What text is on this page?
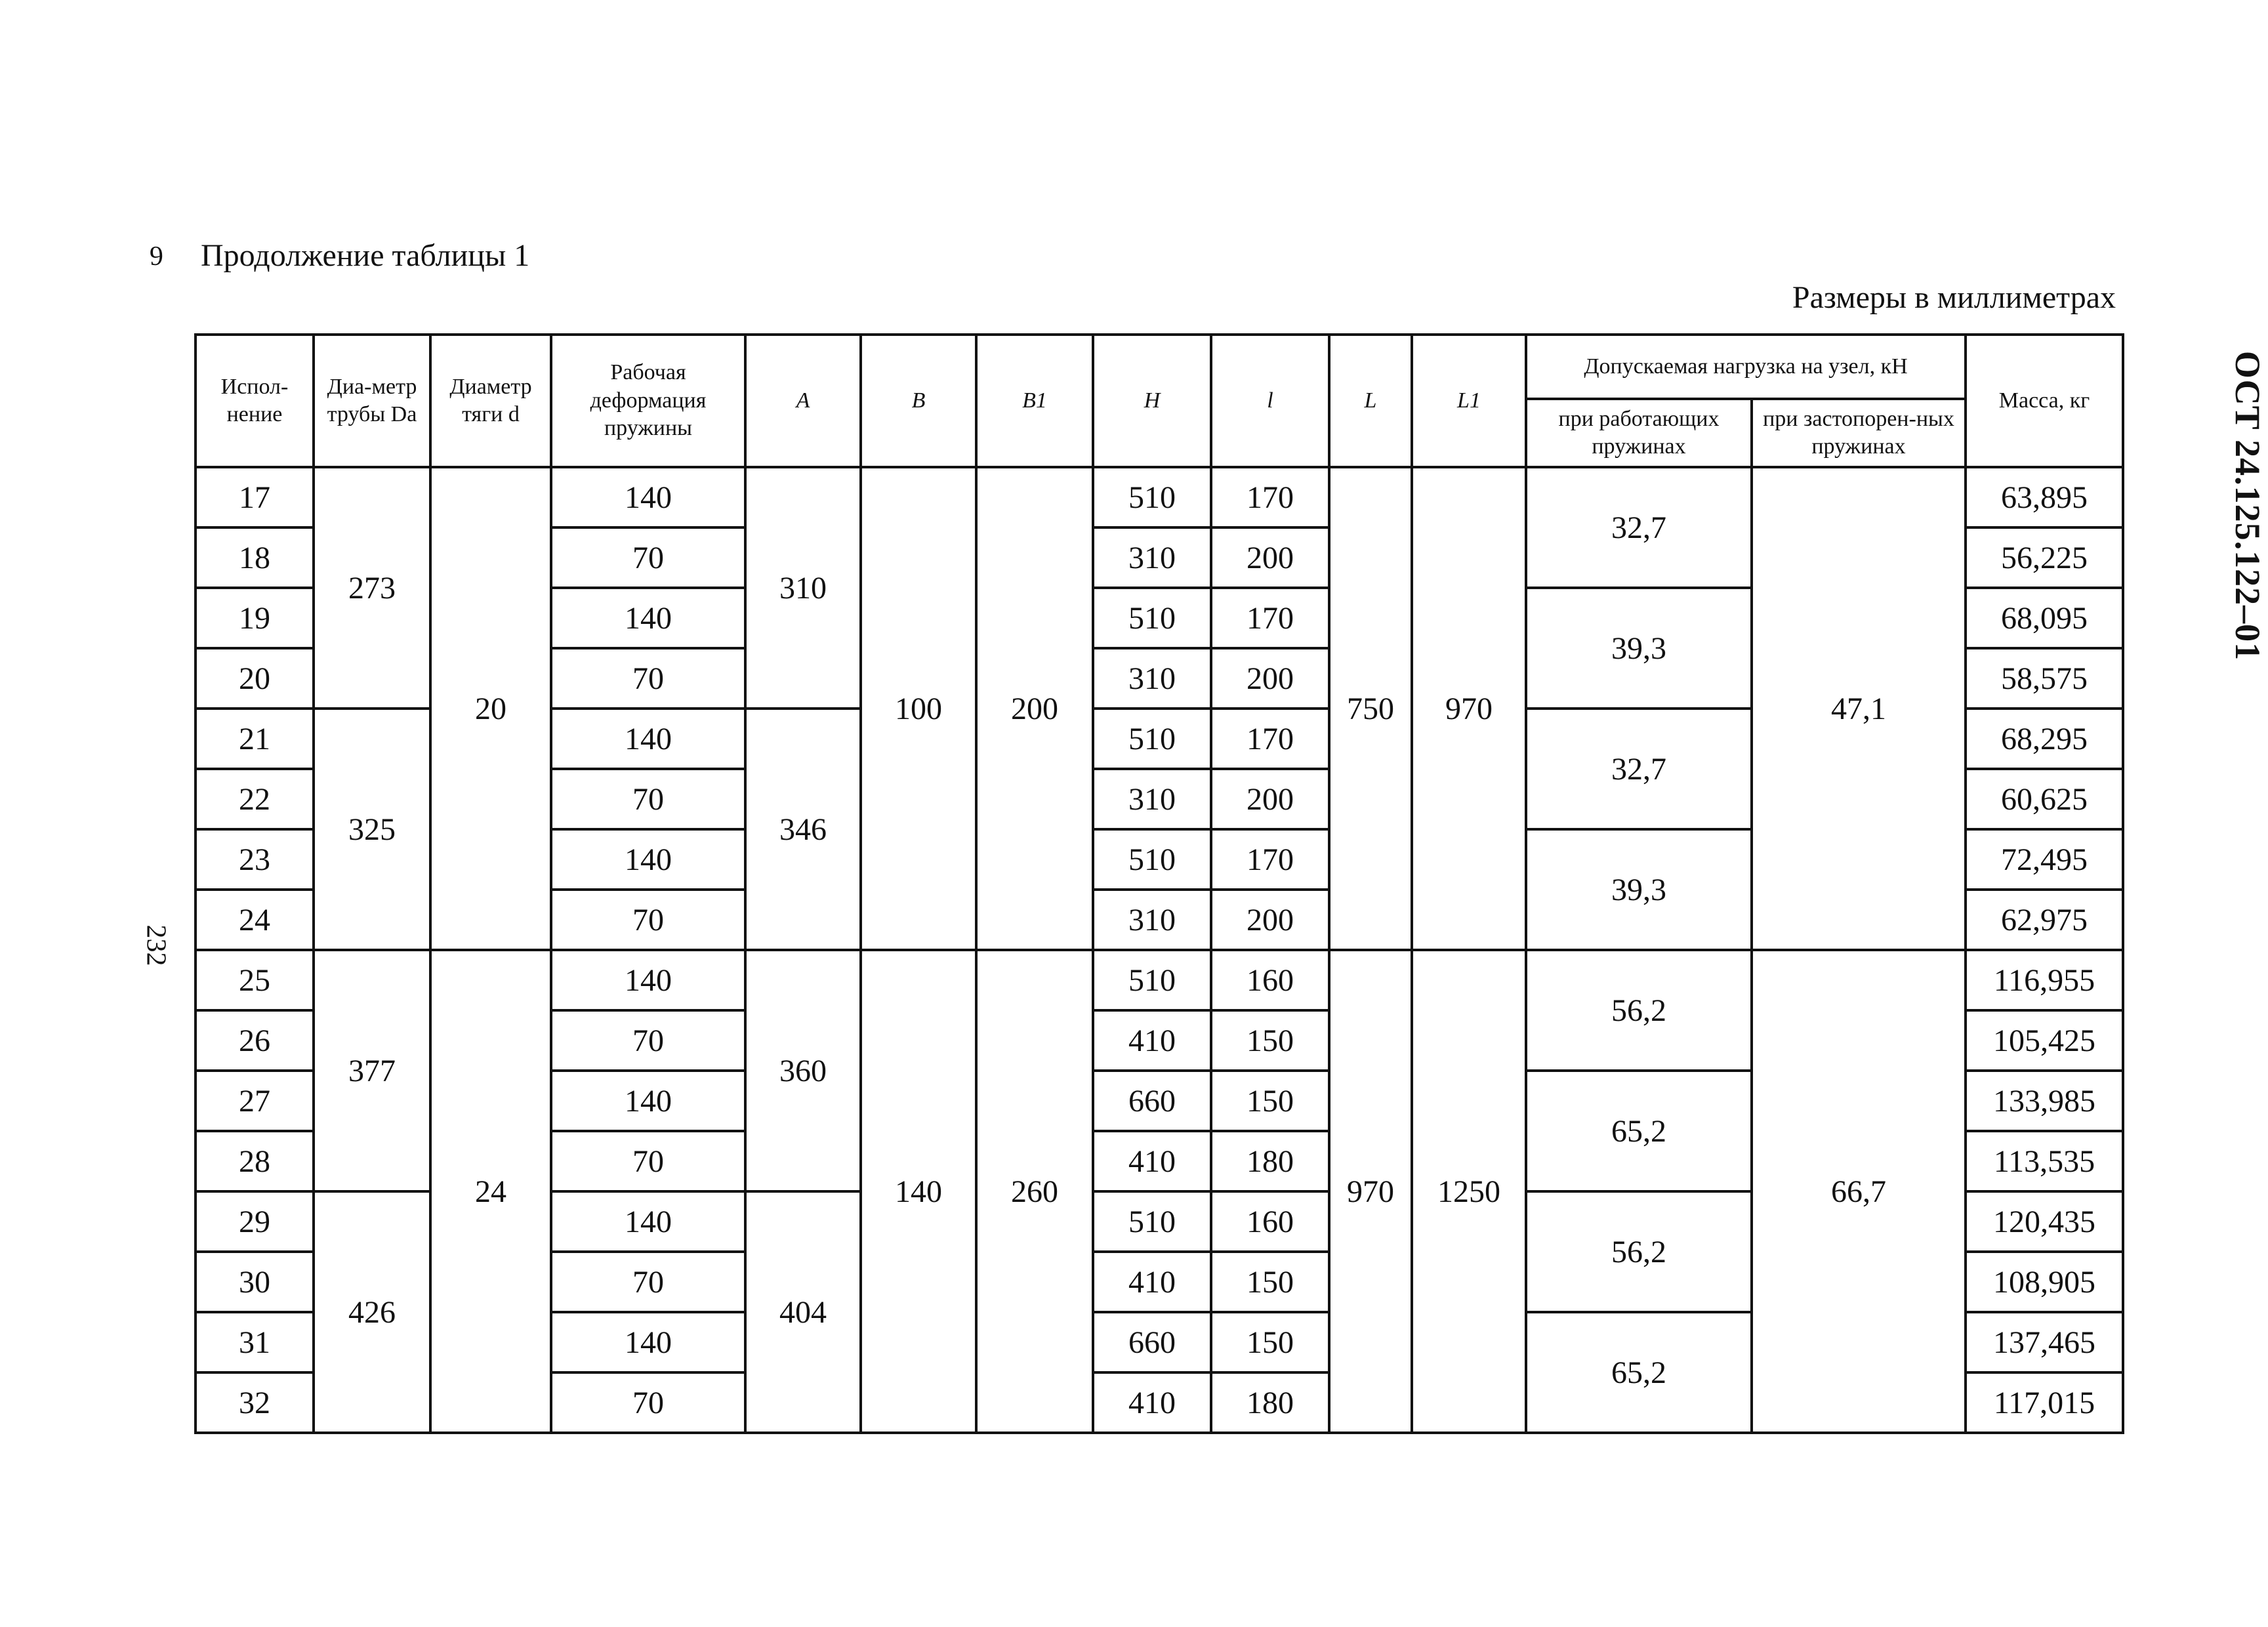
Продолжение таблицы 1
Размеры в миллиметрах
6
232
ОСТ 24.125.122–01
Испол-нение	Диа-метр трубы Da	Диаметр тяги d	Рабочая деформация пружины	A	B	B1	H	l	L	L1	Допускаемая нагрузка на узел, кН		Масса, кг
											при работающих пружинах	при застопорен-ных пружинах	
17	273	20	140	310	100	200	510	170	750	970	32,7	47,1	63,895
18			70				310	200					56,225
19			140				510	170			39,3		68,095
20			70				310	200					58,575
21	325		140	346			510	170			32,7		68,295
22			70				310	200					60,625
23			140				510	170			39,3		72,495
24			70				310	200					62,975
25	377	24	140	360	140	260	510	160	970	1250	56,2	66,7	116,955
26			70				410	150					105,425
27			140				660	150			65,2		133,985
28			70				410	180					113,535
29	426		140	404			510	160			56,2		120,435
30			70				410	150					108,905
31			140				660	150			65,2		137,465
32			70				410	180					117,015
